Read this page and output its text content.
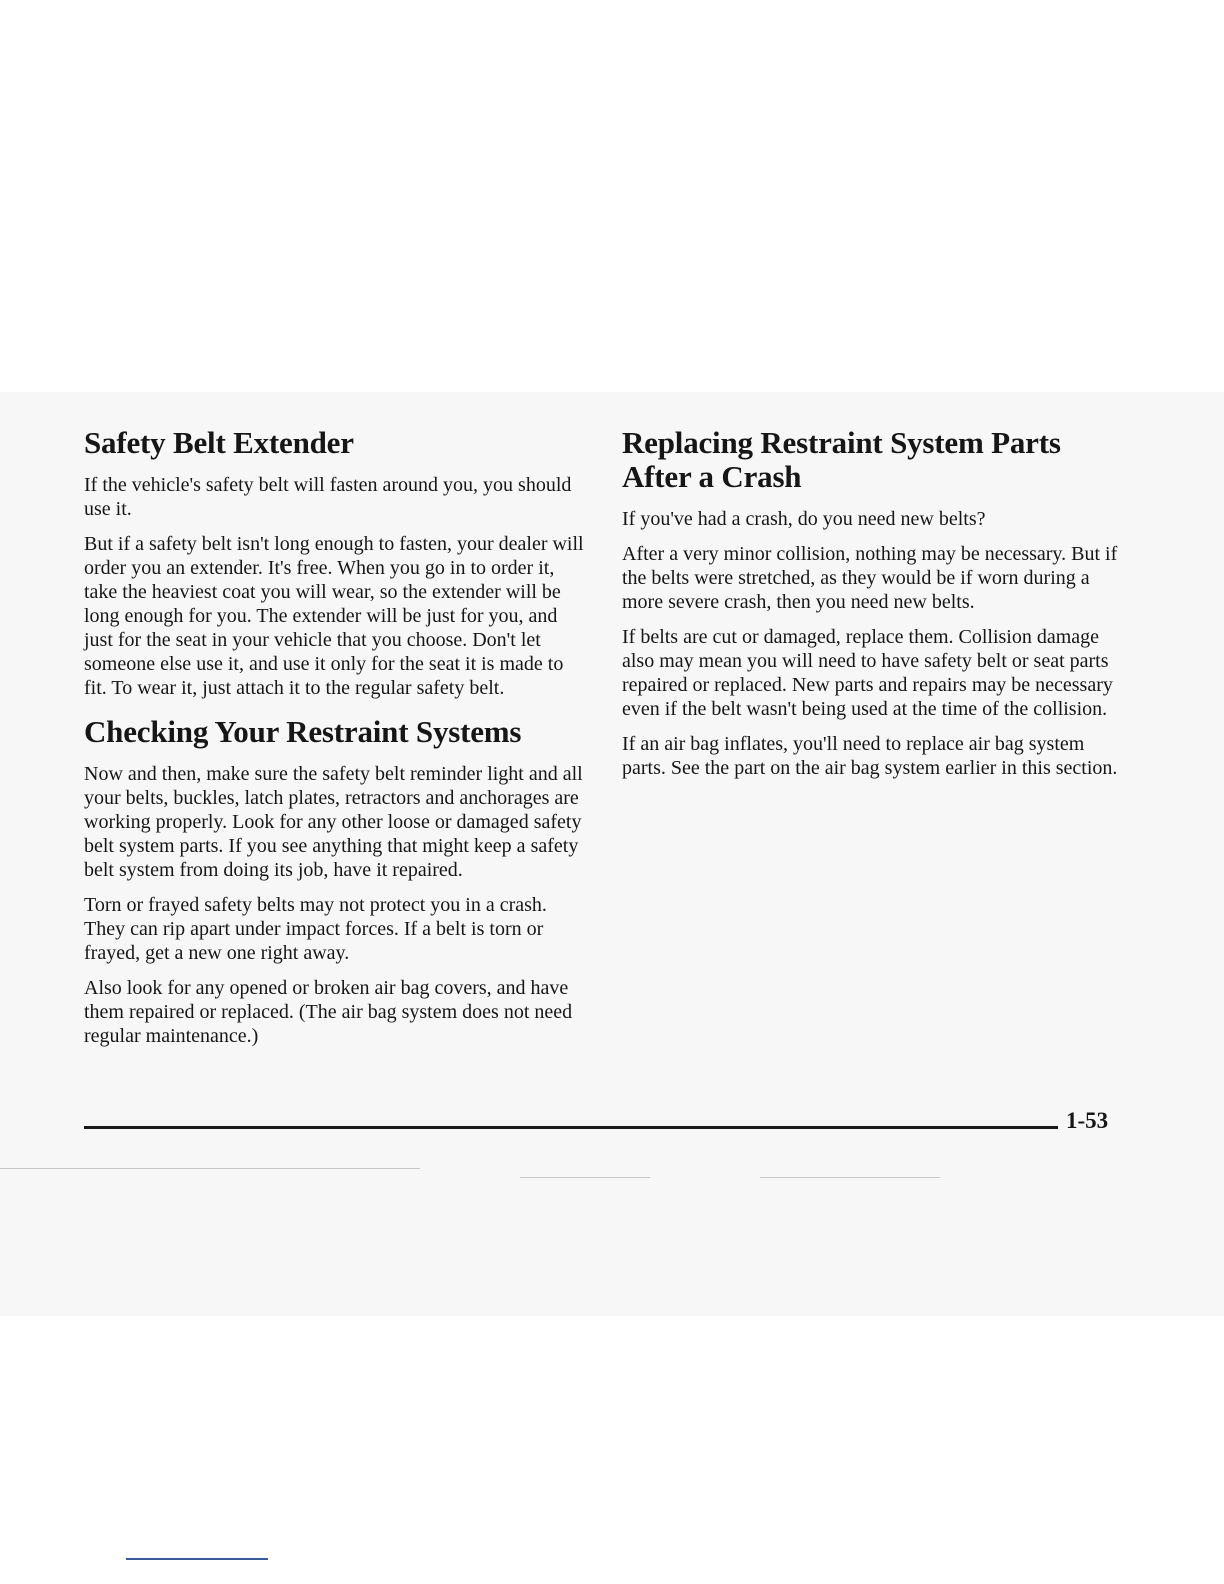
Safety Belt Extender

If the vehicle's safety belt will fasten around you, you should use it.

But if a safety belt isn't long enough to fasten, your dealer will order you an extender. It's free. When you go in to order it, take the heaviest coat you will wear, so the extender will be long enough for you. The extender will be just for you, and just for the seat in your vehicle that you choose. Don't let someone else use it, and use it only for the seat it is made to fit. To wear it, just attach it to the regular safety belt.

Checking Your Restraint Systems

Now and then, make sure the safety belt reminder light and all your belts, buckles, latch plates, retractors and anchorages are working properly. Look for any other loose or damaged safety belt system parts. If you see anything that might keep a safety belt system from doing its job, have it repaired.

Torn or frayed safety belts may not protect you in a crash. They can rip apart under impact forces. If a belt is torn or frayed, get a new one right away.

Also look for any opened or broken air bag covers, and have them repaired or replaced. (The air bag system does not need regular maintenance.)

Replacing Restraint System Parts After a Crash

If you've had a crash, do you need new belts?

After a very minor collision, nothing may be necessary. But if the belts were stretched, as they would be if worn during a more severe crash, then you need new belts.

If belts are cut or damaged, replace them. Collision damage also may mean you will need to have safety belt or seat parts repaired or replaced. New parts and repairs may be necessary even if the belt wasn't being used at the time of the collision.

If an air bag inflates, you'll need to replace air bag system parts. See the part on the air bag system earlier in this section.

1-53
